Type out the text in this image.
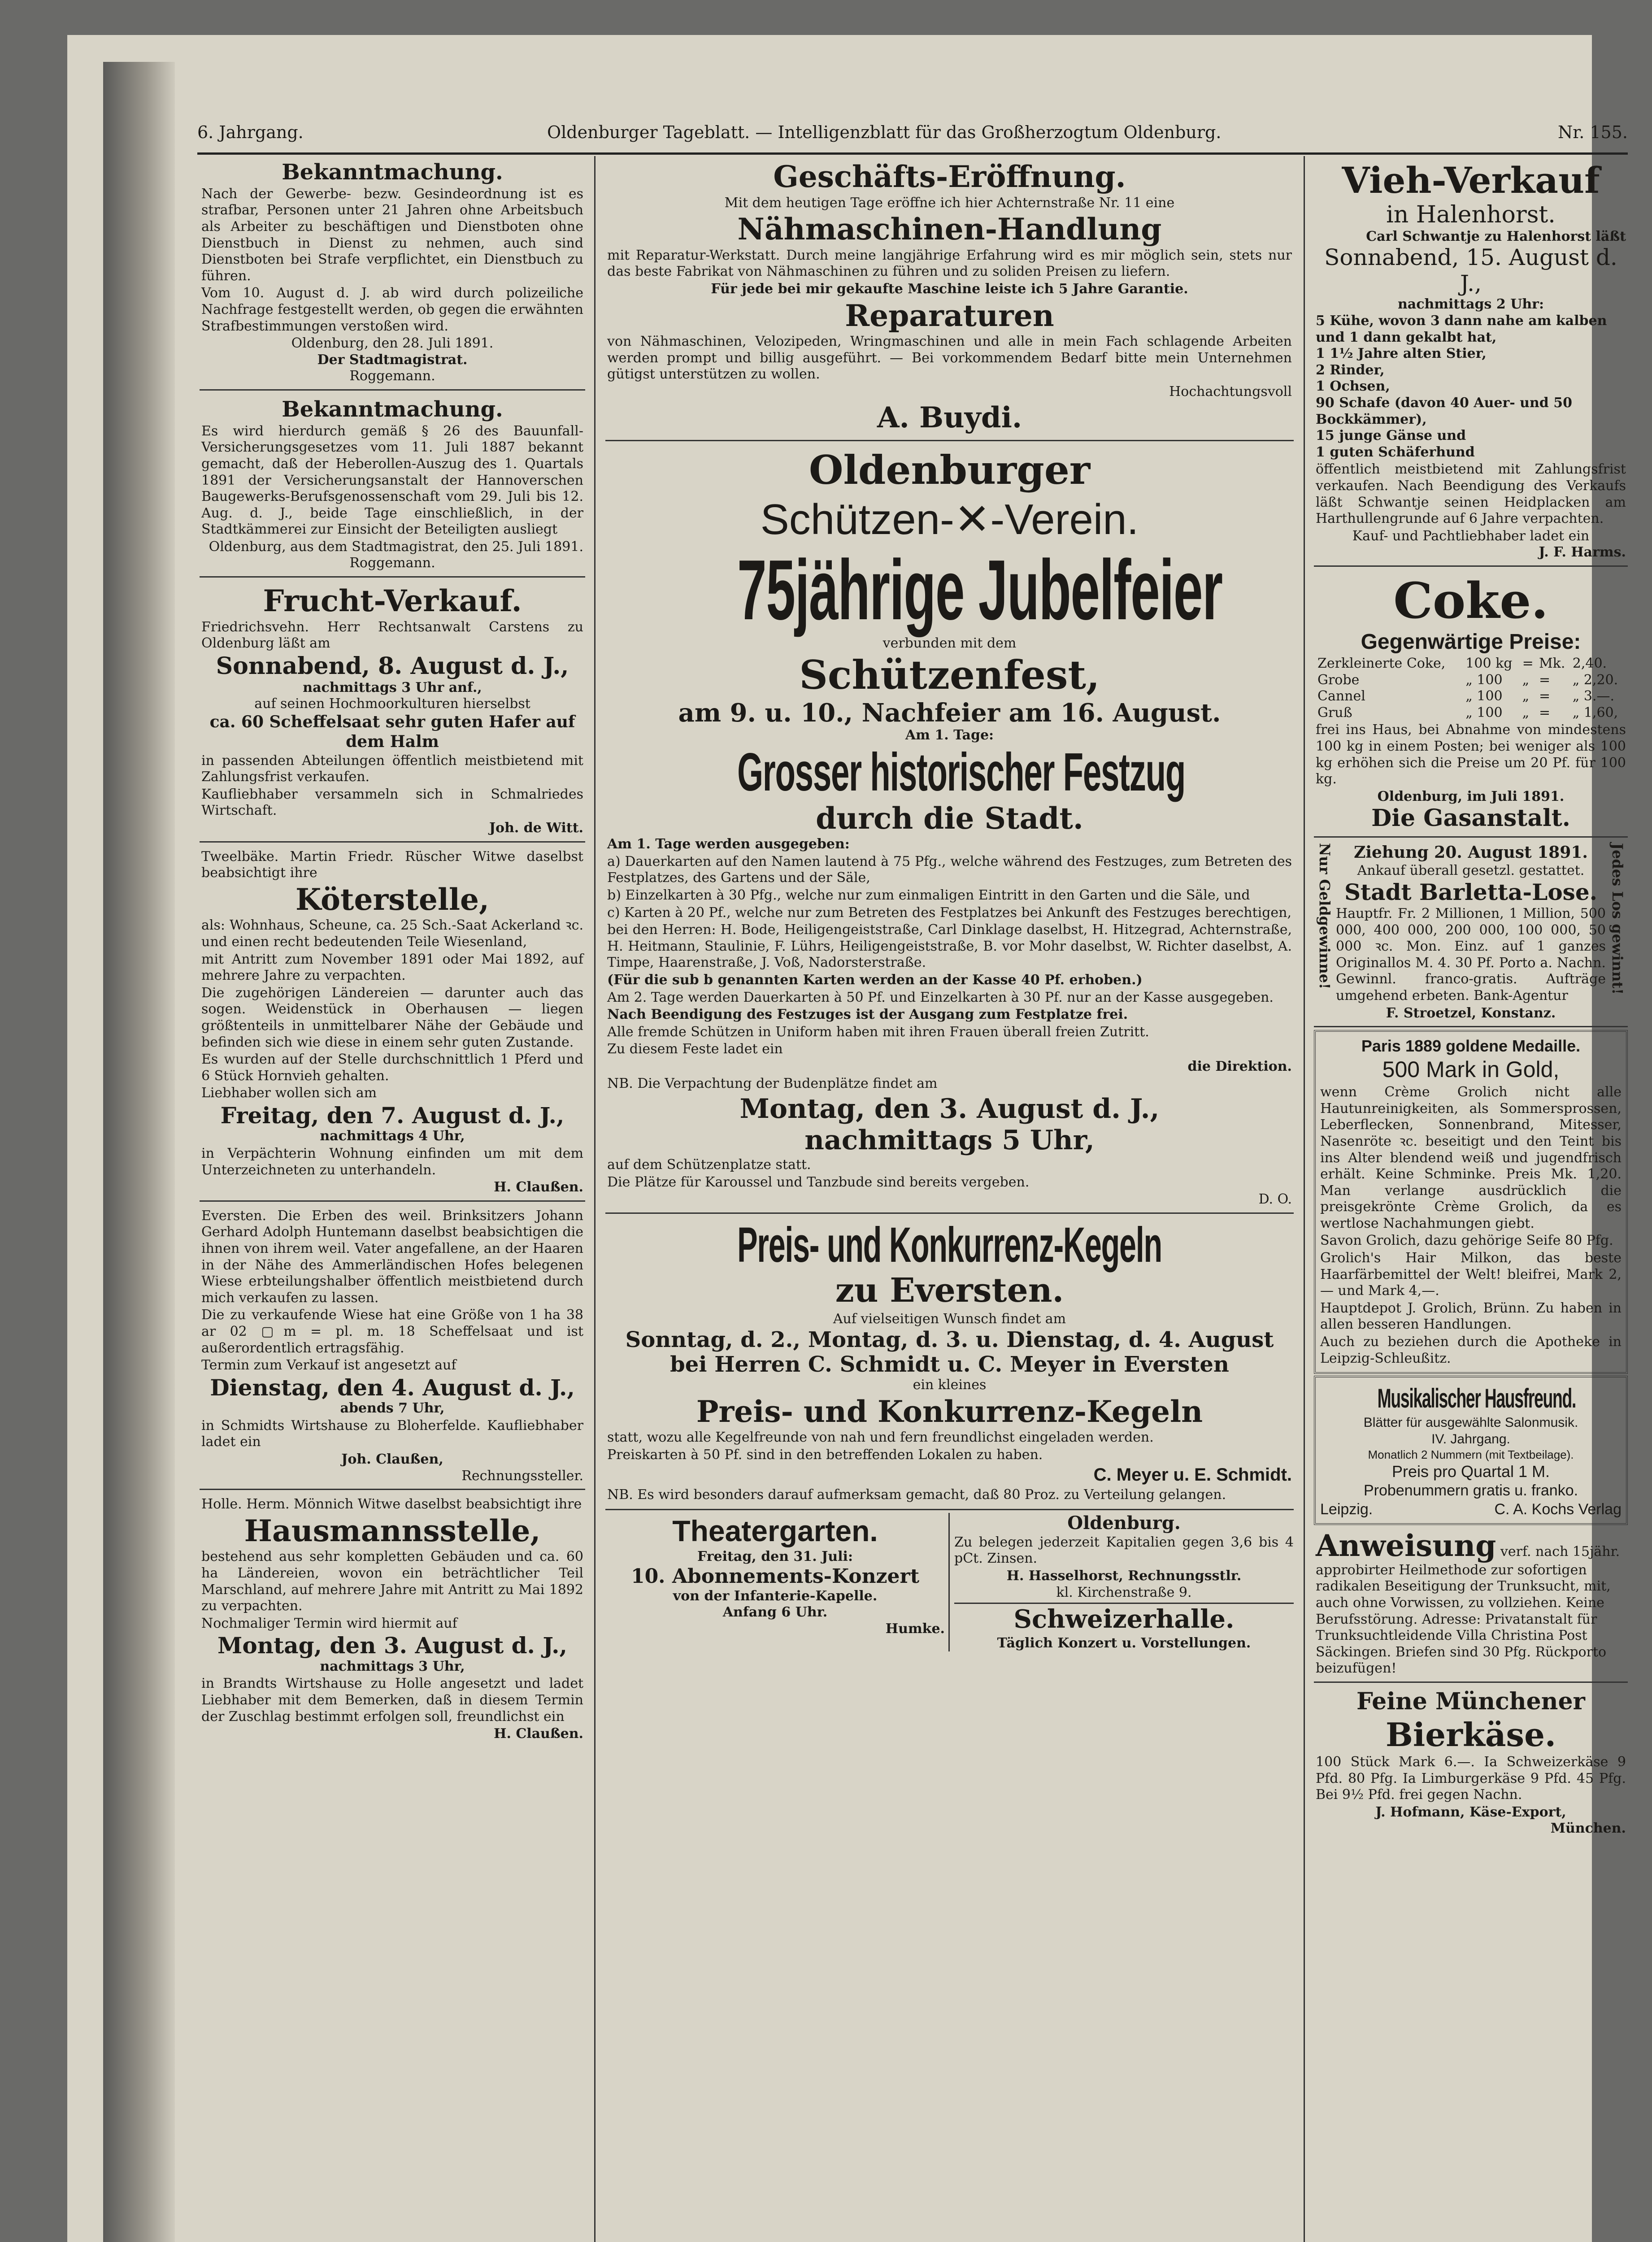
6. Jahrgang.	Oldenburger Tageblatt. — Intelligenzblatt für das Großherzogtum Oldenburg.	Nr. 155.
Bekanntmachung.
Nach der Gewerbe- bezw. Gesindeordnung ist es strafbar, Personen unter 21 Jahren ohne Arbeitsbuch als Arbeiter zu beschäftigen und Dienstboten ohne Dienstbuch in Dienst zu nehmen, auch sind Dienstboten bei Strafe verpflichtet, ein Dienstbuch zu führen.
Vom 10. August d. J. ab wird durch polizeiliche Nachfrage festgestellt werden, ob gegen die erwähnten Strafbestimmungen verstoßen wird.
Oldenburg, den 28. Juli 1891.
Der Stadtmagistrat.
Roggemann.
Bekanntmachung.
Es wird hierdurch gemäß § 26 des Bauunfall-Versicherungsgesetzes vom 11. Juli 1887 bekannt gemacht, daß der Heberollen-Auszug des 1. Quartals 1891 der Versicherungsanstalt der Hannoverschen Baugewerks-Berufsgenossenschaft vom 29. Juli bis 12. Aug. d. J., beide Tage einschließlich, in der Stadtkämmerei zur Einsicht der Beteiligten ausliegt
Oldenburg, aus dem Stadtmagistrat, den 25. Juli 1891.
Roggemann.
Frucht-Verkauf.
Friedrichsvehn. Herr Rechtsanwalt Carstens zu Oldenburg läßt am
Sonnabend, 8. August d. J.,
nachmittags 3 Uhr anf.,
auf seinen Hochmoorkulturen hierselbst
ca. 60 Scheffelsaat sehr guten Hafer auf dem Halm
in passenden Abteilungen öffentlich meistbietend mit Zahlungsfrist verkaufen.
Kaufliebhaber versammeln sich in Schmalriedes Wirtschaft.
Joh. de Witt.
Tweelbäke. Martin Friedr. Rüscher Witwe daselbst beabsichtigt ihre
Köterstelle,
als: Wohnhaus, Scheune, ca. 25 Sch.-Saat Ackerland ꝛc. und einen recht bedeutenden Teile Wiesenland,
mit Antritt zum November 1891 oder Mai 1892, auf mehrere Jahre zu verpachten.
Die zugehörigen Ländereien — darunter auch das sogen. Weidenstück in Oberhausen — liegen größtenteils in unmittelbarer Nähe der Gebäude und befinden sich wie diese in einem sehr guten Zustande.
Es wurden auf der Stelle durchschnittlich 1 Pferd und 6 Stück Hornvieh gehalten.
Liebhaber wollen sich am
Freitag, den 7. August d. J.,
nachmittags 4 Uhr,
in Verpächterin Wohnung einfinden um mit dem Unterzeichneten zu unterhandeln.
H. Claußen.
Eversten. Die Erben des weil. Brinksitzers Johann Gerhard Adolph Huntemann daselbst beabsichtigen die ihnen von ihrem weil. Vater angefallene, an der Haaren in der Nähe des Ammerländischen Hofes belegenen Wiese erbteilungshalber öffentlich meistbietend durch mich verkaufen zu lassen.
Die zu verkaufende Wiese hat eine Größe von 1 ha 38 ar 02 ▢m = pl. m. 18 Scheffelsaat und ist außerordentlich ertragsfähig.
Termin zum Verkauf ist angesetzt auf
Dienstag, den 4. August d. J.,
abends 7 Uhr,
in Schmidts Wirtshause zu Bloherfelde. Kaufliebhaber ladet ein
Joh. Claußen,
Rechnungssteller.
Holle. Herm. Mönnich Witwe daselbst beabsichtigt ihre
Hausmannsstelle,
bestehend aus sehr kompletten Gebäuden und ca. 60 ha Ländereien, wovon ein beträchtlicher Teil Marschland, auf mehrere Jahre mit Antritt zu Mai 1892 zu verpachten.
Nochmaliger Termin wird hiermit auf
Montag, den 3. August d. J.,
nachmittags 3 Uhr,
in Brandts Wirtshause zu Holle angesetzt und ladet Liebhaber mit dem Bemerken, daß in diesem Termin der Zuschlag bestimmt erfolgen soll, freundlichst ein
H. Claußen.
Geschäfts-Eröffnung.
Mit dem heutigen Tage eröffne ich hier Achternstraße Nr. 11 eine
Nähmaschinen-Handlung
mit Reparatur-Werkstatt. Durch meine langjährige Erfahrung wird es mir möglich sein, stets nur das beste Fabrikat von Nähmaschinen zu führen und zu soliden Preisen zu liefern.
Für jede bei mir gekaufte Maschine leiste ich 5 Jahre Garantie.
Reparaturen
von Nähmaschinen, Velozipeden, Wringmaschinen und alle in mein Fach schlagende Arbeiten werden prompt und billig ausgeführt. — Bei vorkommendem Bedarf bitte mein Unternehmen gütigst unterstützen zu wollen.
Hochachtungsvoll
A. Buydi.
Oldenburger
Schützen-✕-Verein.
75jährige Jubelfeier
verbunden mit dem
Schützenfest,
am 9. u. 10., Nachfeier am 16. August.
Am 1. Tage:
Grosser historischer Festzug
durch die Stadt.
Am 1. Tage werden ausgegeben:
a) Dauerkarten auf den Namen lautend à 75 Pfg., welche während des Festzuges, zum Betreten des Festplatzes, des Gartens und der Säle,
b) Einzelkarten à 30 Pfg., welche nur zum einmaligen Eintritt in den Garten und die Säle, und
c) Karten à 20 Pf., welche nur zum Betreten des Festplatzes bei Ankunft des Festzuges berechtigen,
bei den Herren: H. Bode, Heiligengeiststraße, Carl Dinklage daselbst, H. Hitzegrad, Achternstraße, H. Heitmann, Staulinie, F. Lührs, Heiligengeiststraße, B. vor Mohr daselbst, W. Richter daselbst, A. Timpe, Haarenstraße, J. Voß, Nadorsterstraße.
(Für die sub b genannten Karten werden an der Kasse 40 Pf. erhoben.)
Am 2. Tage werden Dauerkarten à 50 Pf. und Einzelkarten à 30 Pf. nur an der Kasse ausgegeben.
Nach Beendigung des Festzuges ist der Ausgang zum Festplatze frei.
Alle fremde Schützen in Uniform haben mit ihren Frauen überall freien Zutritt.
Zu diesem Feste ladet ein
die Direktion.
NB. Die Verpachtung der Budenplätze findet am
Montag, den 3. August d. J.,
nachmittags 5 Uhr,
auf dem Schützenplatze statt.
Die Plätze für Karoussel und Tanzbude sind bereits vergeben.
D. O.
Preis- und Konkurrenz-Kegeln
zu Eversten.
Auf vielseitigen Wunsch findet am
Sonntag, d. 2., Montag, d. 3. u. Dienstag, d. 4. August
bei Herren C. Schmidt u. C. Meyer in Eversten
ein kleines
Preis- und Konkurrenz-Kegeln
statt, wozu alle Kegelfreunde von nah und fern freundlichst eingeladen werden.
Preiskarten à 50 Pf. sind in den betreffenden Lokalen zu haben.
C. Meyer u. E. Schmidt.
NB. Es wird besonders darauf aufmerksam gemacht, daß 80 Proz. zu Verteilung gelangen.
Theatergarten.
Freitag, den 31. Juli:
10. Abonnements-Konzert
von der Infanterie-Kapelle.
Anfang 6 Uhr.
Humke.
Oldenburg.
Zu belegen jederzeit Kapitalien gegen 3,6 bis 4 pCt. Zinsen.
H. Hasselhorst, Rechnungsstlr.
kl. Kirchenstraße 9.
Schweizerhalle.
Täglich Konzert u. Vorstellungen.
Vieh-Verkauf
in Halenhorst.
Carl Schwantje zu Halenhorst läßt
Sonnabend, 15. August d. J.,
nachmittags 2 Uhr:
5 Kühe, wovon 3 dann nahe am kalben und 1 dann gekalbt hat,
1 1½ Jahre alten Stier,
2 Rinder,
1 Ochsen,
90 Schafe (davon 40 Auer- und 50 Bockkämmer),
15 junge Gänse und
1 guten Schäferhund
öffentlich meistbietend mit Zahlungsfrist verkaufen. Nach Beendigung des Verkaufs läßt Schwantje seinen Heidplacken am Harthullengrunde auf 6 Jahre verpachten.
Kauf- und Pachtliebhaber ladet ein
J. F. Harms.
Coke.
Gegenwärtige Preise:
Zerkleinerte Coke,	100 kg	=	Mk.	2,40.
Grobe	„ 100	„	=	„ 2,20.
Cannel	„ 100	„	=	„ 3.—.
Gruß	„ 100	„	=	„ 1,60,
frei ins Haus, bei Abnahme von mindestens 100 kg in einem Posten; bei weniger als 100 kg erhöhen sich die Preise um 20 Pf. für 100 kg.
Oldenburg, im Juli 1891.
Die Gasanstalt.
Nur Geldgewinne!	Ziehung 20. August 1891.
Ankauf überall gesetzl. gestattet.
Stadt Barletta-Lose.
Hauptfr. Fr. 2 Millionen, 1 Million, 500 000, 400 000, 200 000, 100 000, 50 000 ꝛc. Mon. Einz. auf 1 ganzes Originallos M. 4. 30 Pf. Porto a. Nachn. Gewinnl. franco-gratis. Aufträge umgehend erbeten. Bank-Agentur
F. Stroetzel, Konstanz.
Jedes Los gewinnt!
Paris 1889 goldene Medaille.
500 Mark in Gold,
wenn Crème Grolich nicht alle Hautunreinigkeiten, als Sommersprossen, Leberflecken, Sonnenbrand, Mitesser, Nasenröte ꝛc. beseitigt und den Teint bis ins Alter blendend weiß und jugendfrisch erhält. Keine Schminke. Preis Mk. 1,20. Man verlange ausdrücklich die preisgekrönte Crème Grolich, da es wertlose Nachahmungen giebt.
Savon Grolich, dazu gehörige Seife 80 Pfg.
Grolich's Hair Milkon, das beste Haarfärbemittel der Welt! bleifrei, Mark 2,— und Mark 4,—.
Hauptdepot J. Grolich, Brünn. Zu haben in allen besseren Handlungen.
Auch zu beziehen durch die Apotheke in Leipzig-Schleußitz.
Musikalischer Hausfreund.
Blätter für ausgewählte Salonmusik.
IV. Jahrgang.
Monatlich 2 Nummern (mit Textbeilage).
Preis pro Quartal 1 M.
Probenummern gratis u. franko.
Leipzig.	C. A. Kochs Verlag
Anweisung verf. nach 15jähr. approbirter Heilmethode zur sofortigen radikalen Beseitigung der Trunksucht, mit, auch ohne Vorwissen, zu vollziehen. Keine Berufsstörung. Adresse: Privatanstalt für Trunksuchtleidende Villa Christina Post Säckingen. Briefen sind 30 Pfg. Rückporto beizufügen!
Feine Münchener
Bierkäse.
100 Stück Mark 6.—. Ia Schweizerkäse 9 Pfd. 80 Pfg. Ia Limburgerkäse 9 Pfd. 45 Pfg. Bei 9½ Pfd. frei gegen Nachn.
J. Hofmann, Käse-Export,
München.
